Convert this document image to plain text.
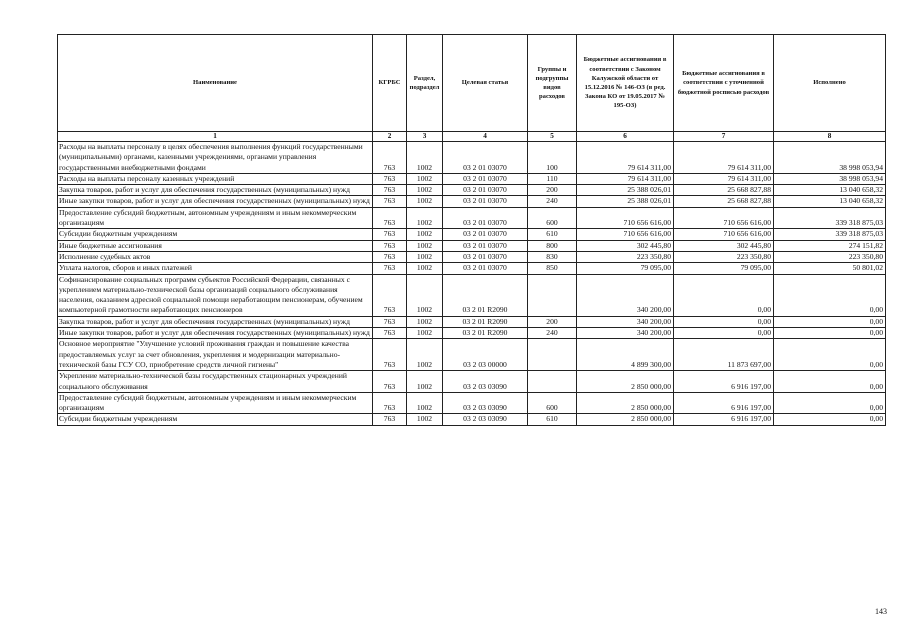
Наименование	КГРБС	Раздел, подраздел	Целевая статья	Группы и подгруппы видов расходов	Бюджетные ассигнования в соответствии с Законом Калужской области от 15.12.2016 № 146-ОЗ (в ред. Закона КО от 19.05.2017 № 195-ОЗ)	Бюджетные ассигнования в соответствии с уточненной бюджетной росписью расходов	Исполнено
1	2	3	4	5	6	7	8
Расходы на выплаты персоналу в целях обеспечения выполнения функций государственными (муниципальными) органами, казенными учреждениями, органами управления государственными внебюджетными фондами	763	1002	03 2 01 03070	100	79 614 311,00	79 614 311,00	38 998 053,94
Расходы на выплаты персоналу казенных учреждений	763	1002	03 2 01 03070	110	79 614 311,00	79 614 311,00	38 998 053,94
Закупка товаров, работ и услуг для обеспечения государственных (муниципальных) нужд	763	1002	03 2 01 03070	200	25 388 026,01	25 668 827,88	13 040 658,32
Иные закупки товаров, работ и услуг для обеспечения государственных (муниципальных) нужд	763	1002	03 2 01 03070	240	25 388 026,01	25 668 827,88	13 040 658,32
Предоставление субсидий бюджетным, автономным учреждениям и иным некоммерческим организациям	763	1002	03 2 01 03070	600	710 656 616,00	710 656 616,00	339 318 875,03
Субсидии бюджетным учреждениям	763	1002	03 2 01 03070	610	710 656 616,00	710 656 616,00	339 318 875,03
Иные бюджетные ассигнования	763	1002	03 2 01 03070	800	302 445,80	302 445,80	274 151,82
Исполнение судебных актов	763	1002	03 2 01 03070	830	223 350,80	223 350,80	223 350,80
Уплата налогов, сборов и иных платежей	763	1002	03 2 01 03070	850	79 095,00	79 095,00	50 801,02
Софинансирование социальных программ субъектов Российской Федерации, связанных с укреплением материально-технической базы организаций социального обслуживания населения, оказанием адресной социальной помощи неработающим пенсионерам, обучением компьютерной грамотности неработающих пенсионеров	763	1002	03 2 01 R2090		340 200,00	0,00	0,00
Закупка товаров, работ и услуг для обеспечения государственных (муниципальных) нужд	763	1002	03 2 01 R2090	200	340 200,00	0,00	0,00
Иные закупки товаров, работ и услуг для обеспечения государственных (муниципальных) нужд	763	1002	03 2 01 R2090	240	340 200,00	0,00	0,00
Основное мероприятие "Улучшение условий проживания граждан и повышение качества предоставляемых услуг за счет обновления, укрепления и модернизации материально-технической базы ГСУ СО, приобретение средств личной гигиены"	763	1002	03 2 03 00000		4 899 300,00	11 873 697,00	0,00
Укрепление материально-технической базы государственных стационарных учреждений социального обслуживания	763	1002	03 2 03 03090		2 850 000,00	6 916 197,00	0,00
Предоставление субсидий бюджетным, автономным учреждениям и иным некоммерческим организациям	763	1002	03 2 03 03090	600	2 850 000,00	6 916 197,00	0,00
Субсидии бюджетным учреждениям	763	1002	03 2 03 03090	610	2 850 000,00	6 916 197,00	0,00
143
